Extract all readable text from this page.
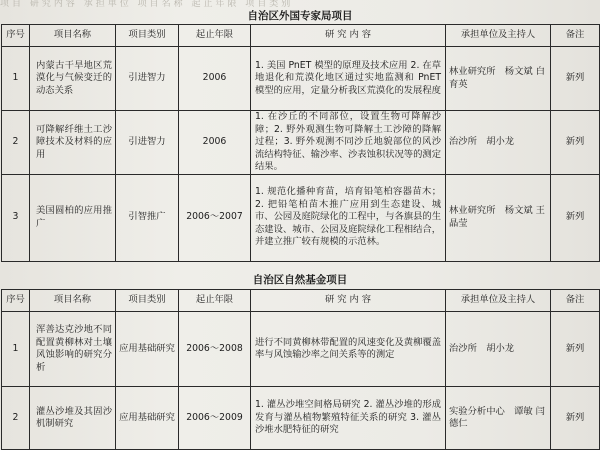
项目 研究内容 承担单位 项目名称 起止年限 项目类别
自治区外国专家局项目
序号	项目名称	项目类别	起止年限	研 究 内 容	承担单位及主持人	备注
1	内蒙古干旱地区荒漠化与气候变迁的动态关系	引进智力	2006	1. 美国 PnET 模型的原理及技术应用 2. 在草地退化和荒漠化地区通过实地监测和 PnET 模型的应用，定量分析我区荒漠化的发展程度	林业研究所　杨文斌 白育英	新列
2	可降解纤维土工沙障技术及材料的应用	引进智力	2006	1. 在沙丘的不同部位，设置生物可降解沙障；2. 野外观测生物可降解土工沙障的降解过程；3. 野外观测不同沙丘地貌部位的风沙流结构特征、输沙率、沙表蚀积状况等的测定结果。	治沙所　胡小龙	新列
3	美国圆柏的应用推广	引智推广	2006～2007	1. 规范化播种育苗，培育铅笔柏容器苗木；2. 把铅笔柏苗木推广应用到生态建设、城市、公园及庭院绿化的工程中，与各旗县的生态建设、城市、公园及庭院绿化工程相结合，并建立推广较有规模的示范林。	林业研究所　杨文斌 王晶莹	新列
自治区自然基金项目
序号	项目名称	项目类别	起止年限	研 究 内 容	承担单位及主持人	备注
1	浑善达克沙地不同配置黄柳林对土壤风蚀影响的研究分析	应用基础研究	2006～2008	进行不同黄柳林带配置的风速变化及黄柳覆盖率与风蚀输沙率之间关系等的测定	治沙所　胡小龙	新列
2	灌丛沙堆及其固沙机制研究	应用基础研究	2006～2009	1. 灌丛沙堆空间格局研究 2. 灌丛沙堆的形成发育与灌丛植物繁殖特征关系的研究 3. 灌丛沙堆水肥特征的研究	实验分析中心　谭敏 闫德仁	新列
